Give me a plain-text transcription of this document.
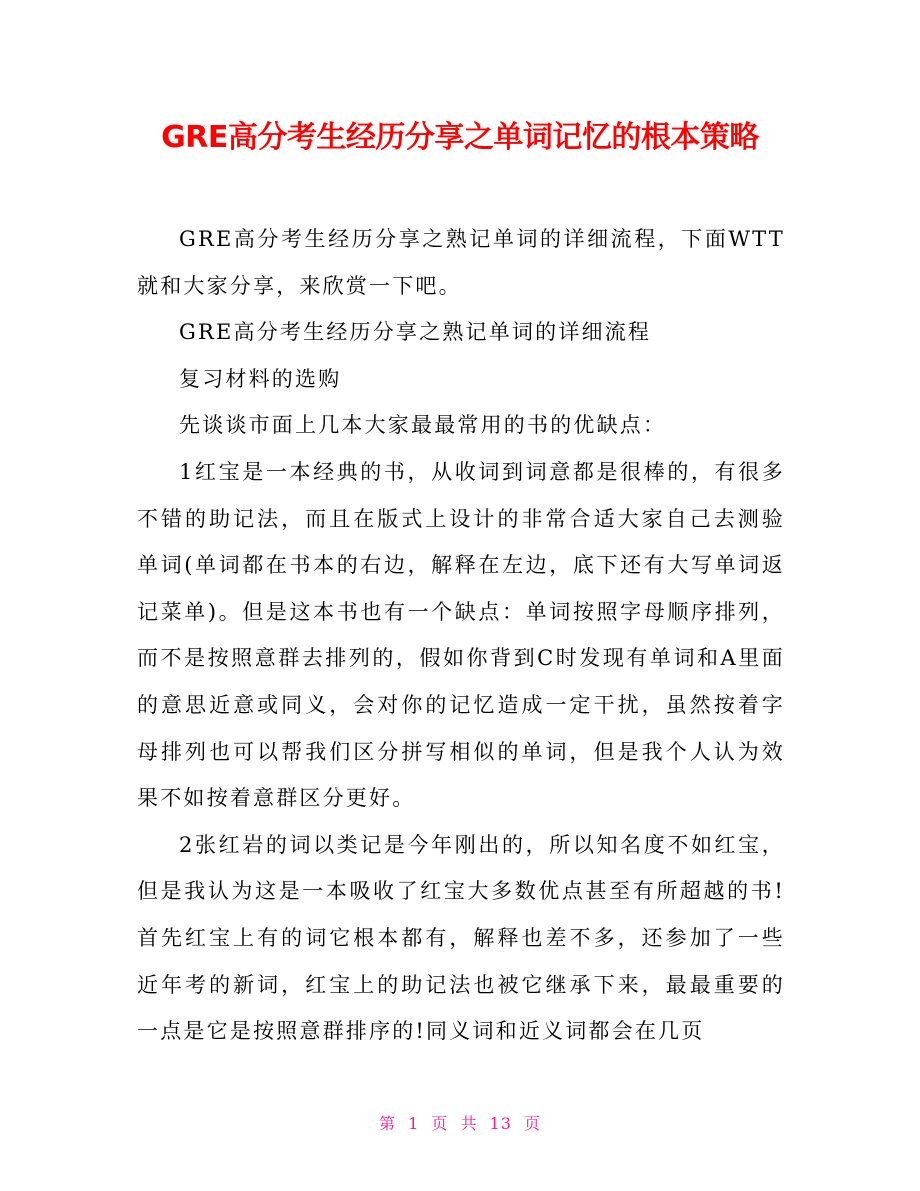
GRE高分考生经历分享之单词记忆的根本策略

GRE高分考生经历分享之熟记单词的详细流程，下面WTT就和大家分享，来欣赏一下吧。

GRE高分考生经历分享之熟记单词的详细流程

复习材料的选购

先谈谈市面上几本大家最最常用的书的优缺点：

1红宝是一本经典的书，从收词到词意都是很棒的，有很多不错的助记法，而且在版式上设计的非常合适大家自己去测验单词(单词都在书本的右边，解释在左边，底下还有大写单词返记菜单)。但是这本书也有一个缺点：单词按照字母顺序排列，而不是按照意群去排列的，假如你背到C时发现有单词和A里面的意思近意或同义，会对你的记忆造成一定干扰，虽然按着字母排列也可以帮我们区分拼写相似的单词，但是我个人认为效果不如按着意群区分更好。

2张红岩的词以类记是今年刚出的，所以知名度不如红宝，但是我认为这是一本吸收了红宝大多数优点甚至有所超越的书!首先红宝上有的词它根本都有，解释也差不多，还参加了一些近年考的新词，红宝上的助记法也被它继承下来，最最重要的一点是它是按照意群排序的!同义词和近义词都会在几页

第 1 页 共 13 页
